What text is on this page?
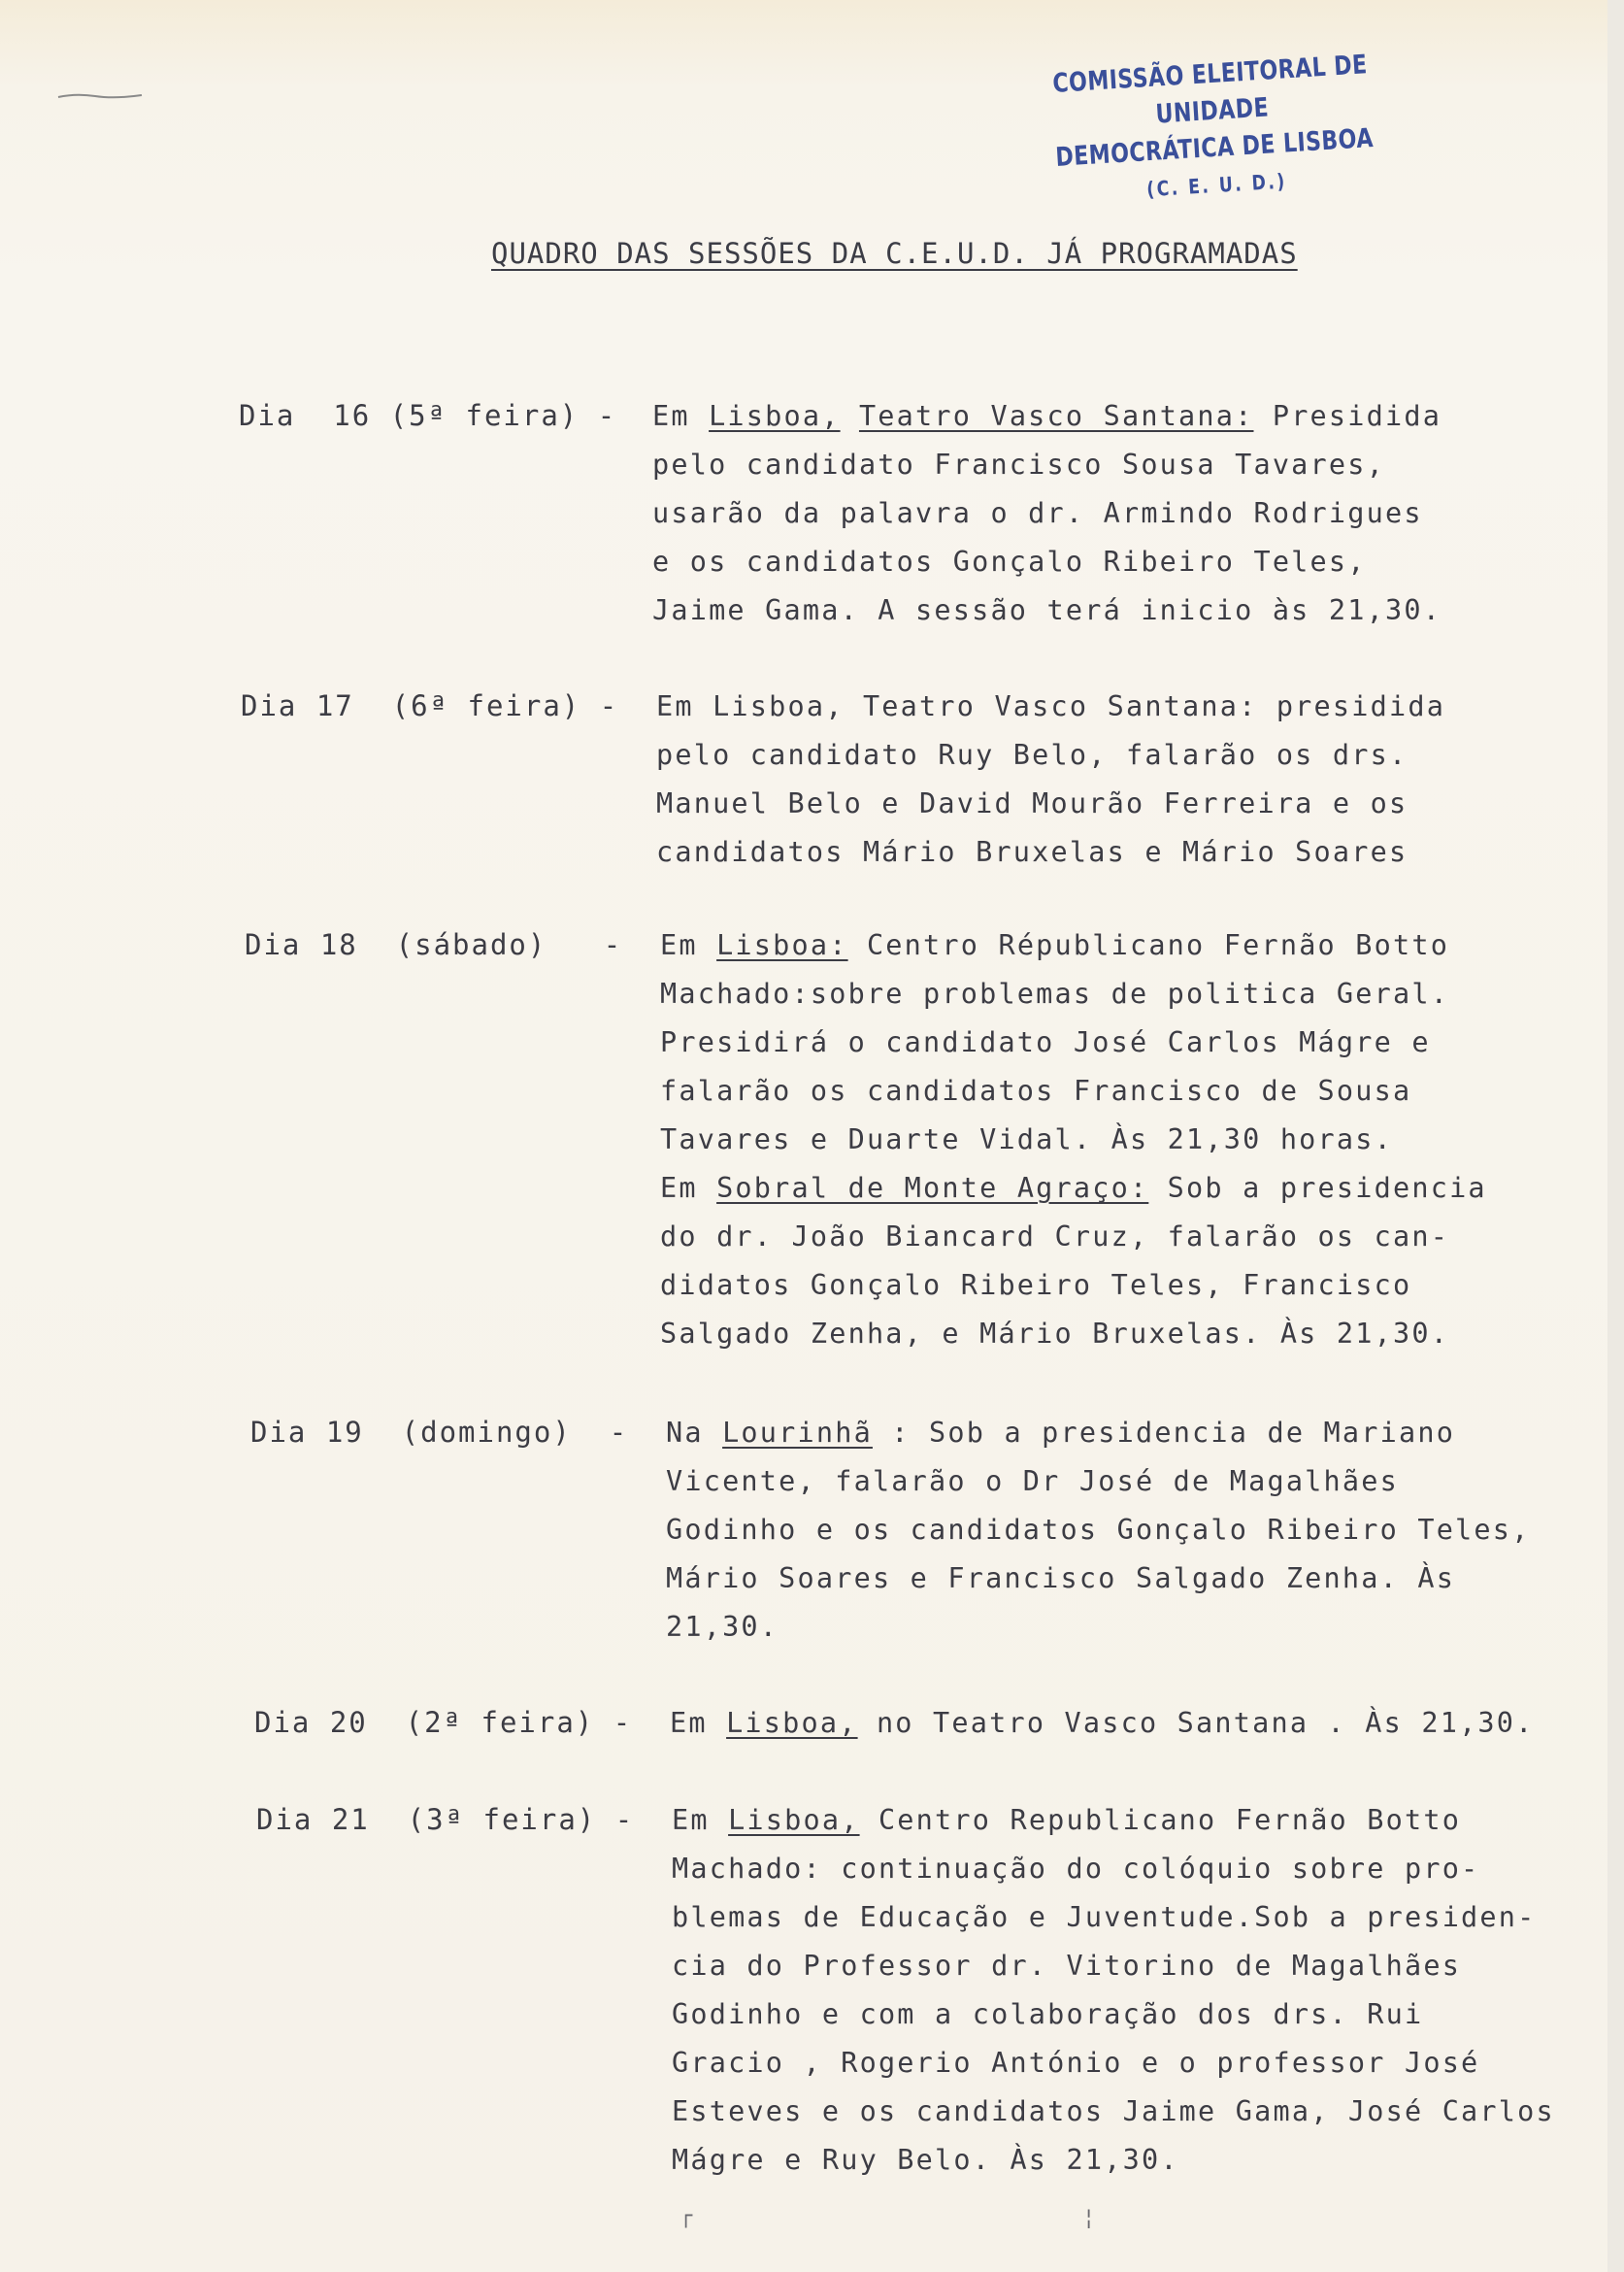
COMISSÃO ELEITORAL DE UNIDADE
DEMOCRÁTICA DE LISBOA
(C. E. U. D.)
QUADRO DAS SESSÕES DA C.E.U.D. JÁ PROGRAMADAS
Dia  16 (5ª feira) - Em Lisboa, Teatro Vasco Santana: Presidida

pelo candidato Francisco Sousa Tavares,

usarão da palavra o dr. Armindo Rodrigues

e os candidatos Gonçalo Ribeiro Teles,

Jaime Gama. A sessão terá inicio às 21,30.

Dia 17  (6ª feira) - Em Lisboa, Teatro Vasco Santana: presidida

pelo candidato Ruy Belo, falarão os drs.

Manuel Belo e David Mourão Ferreira e os

candidatos Mário Bruxelas e Mário Soares

Dia 18  (sábado)   - Em Lisboa: Centro Républicano Fernão Botto

Machado:sobre problemas de politica Geral.

Presidirá o candidato José Carlos Mágre e

falarão os candidatos Francisco de Sousa

Tavares e Duarte Vidal. Às 21,30 horas.

Em Sobral de Monte Agraço: Sob a presidencia

do dr. João Biancard Cruz, falarão os can-

didatos Gonçalo Ribeiro Teles, Francisco

Salgado Zenha, e Mário Bruxelas. Às 21,30.

Dia 19  (domingo)  - Na Lourinhã : Sob a presidencia de Mariano

Vicente, falarão o Dr José de Magalhães

Godinho e os candidatos Gonçalo Ribeiro Teles,

Mário Soares e Francisco Salgado Zenha. Às

21,30.

Dia 20  (2ª feira) - Em Lisboa, no Teatro Vasco Santana . Às 21,30.

Dia 21  (3ª feira) - Em Lisboa, Centro Republicano Fernão Botto

Machado: continuação do colóquio sobre pro-

blemas de Educação e Juventude.Sob a presiden-

cia do Professor dr. Vitorino de Magalhães

Godinho e com a colaboração dos drs. Rui

Gracio , Rogerio António e o professor José

Esteves e os candidatos Jaime Gama, José Carlos

Mágre e Ruy Belo. Às 21,30.

┌	¦
